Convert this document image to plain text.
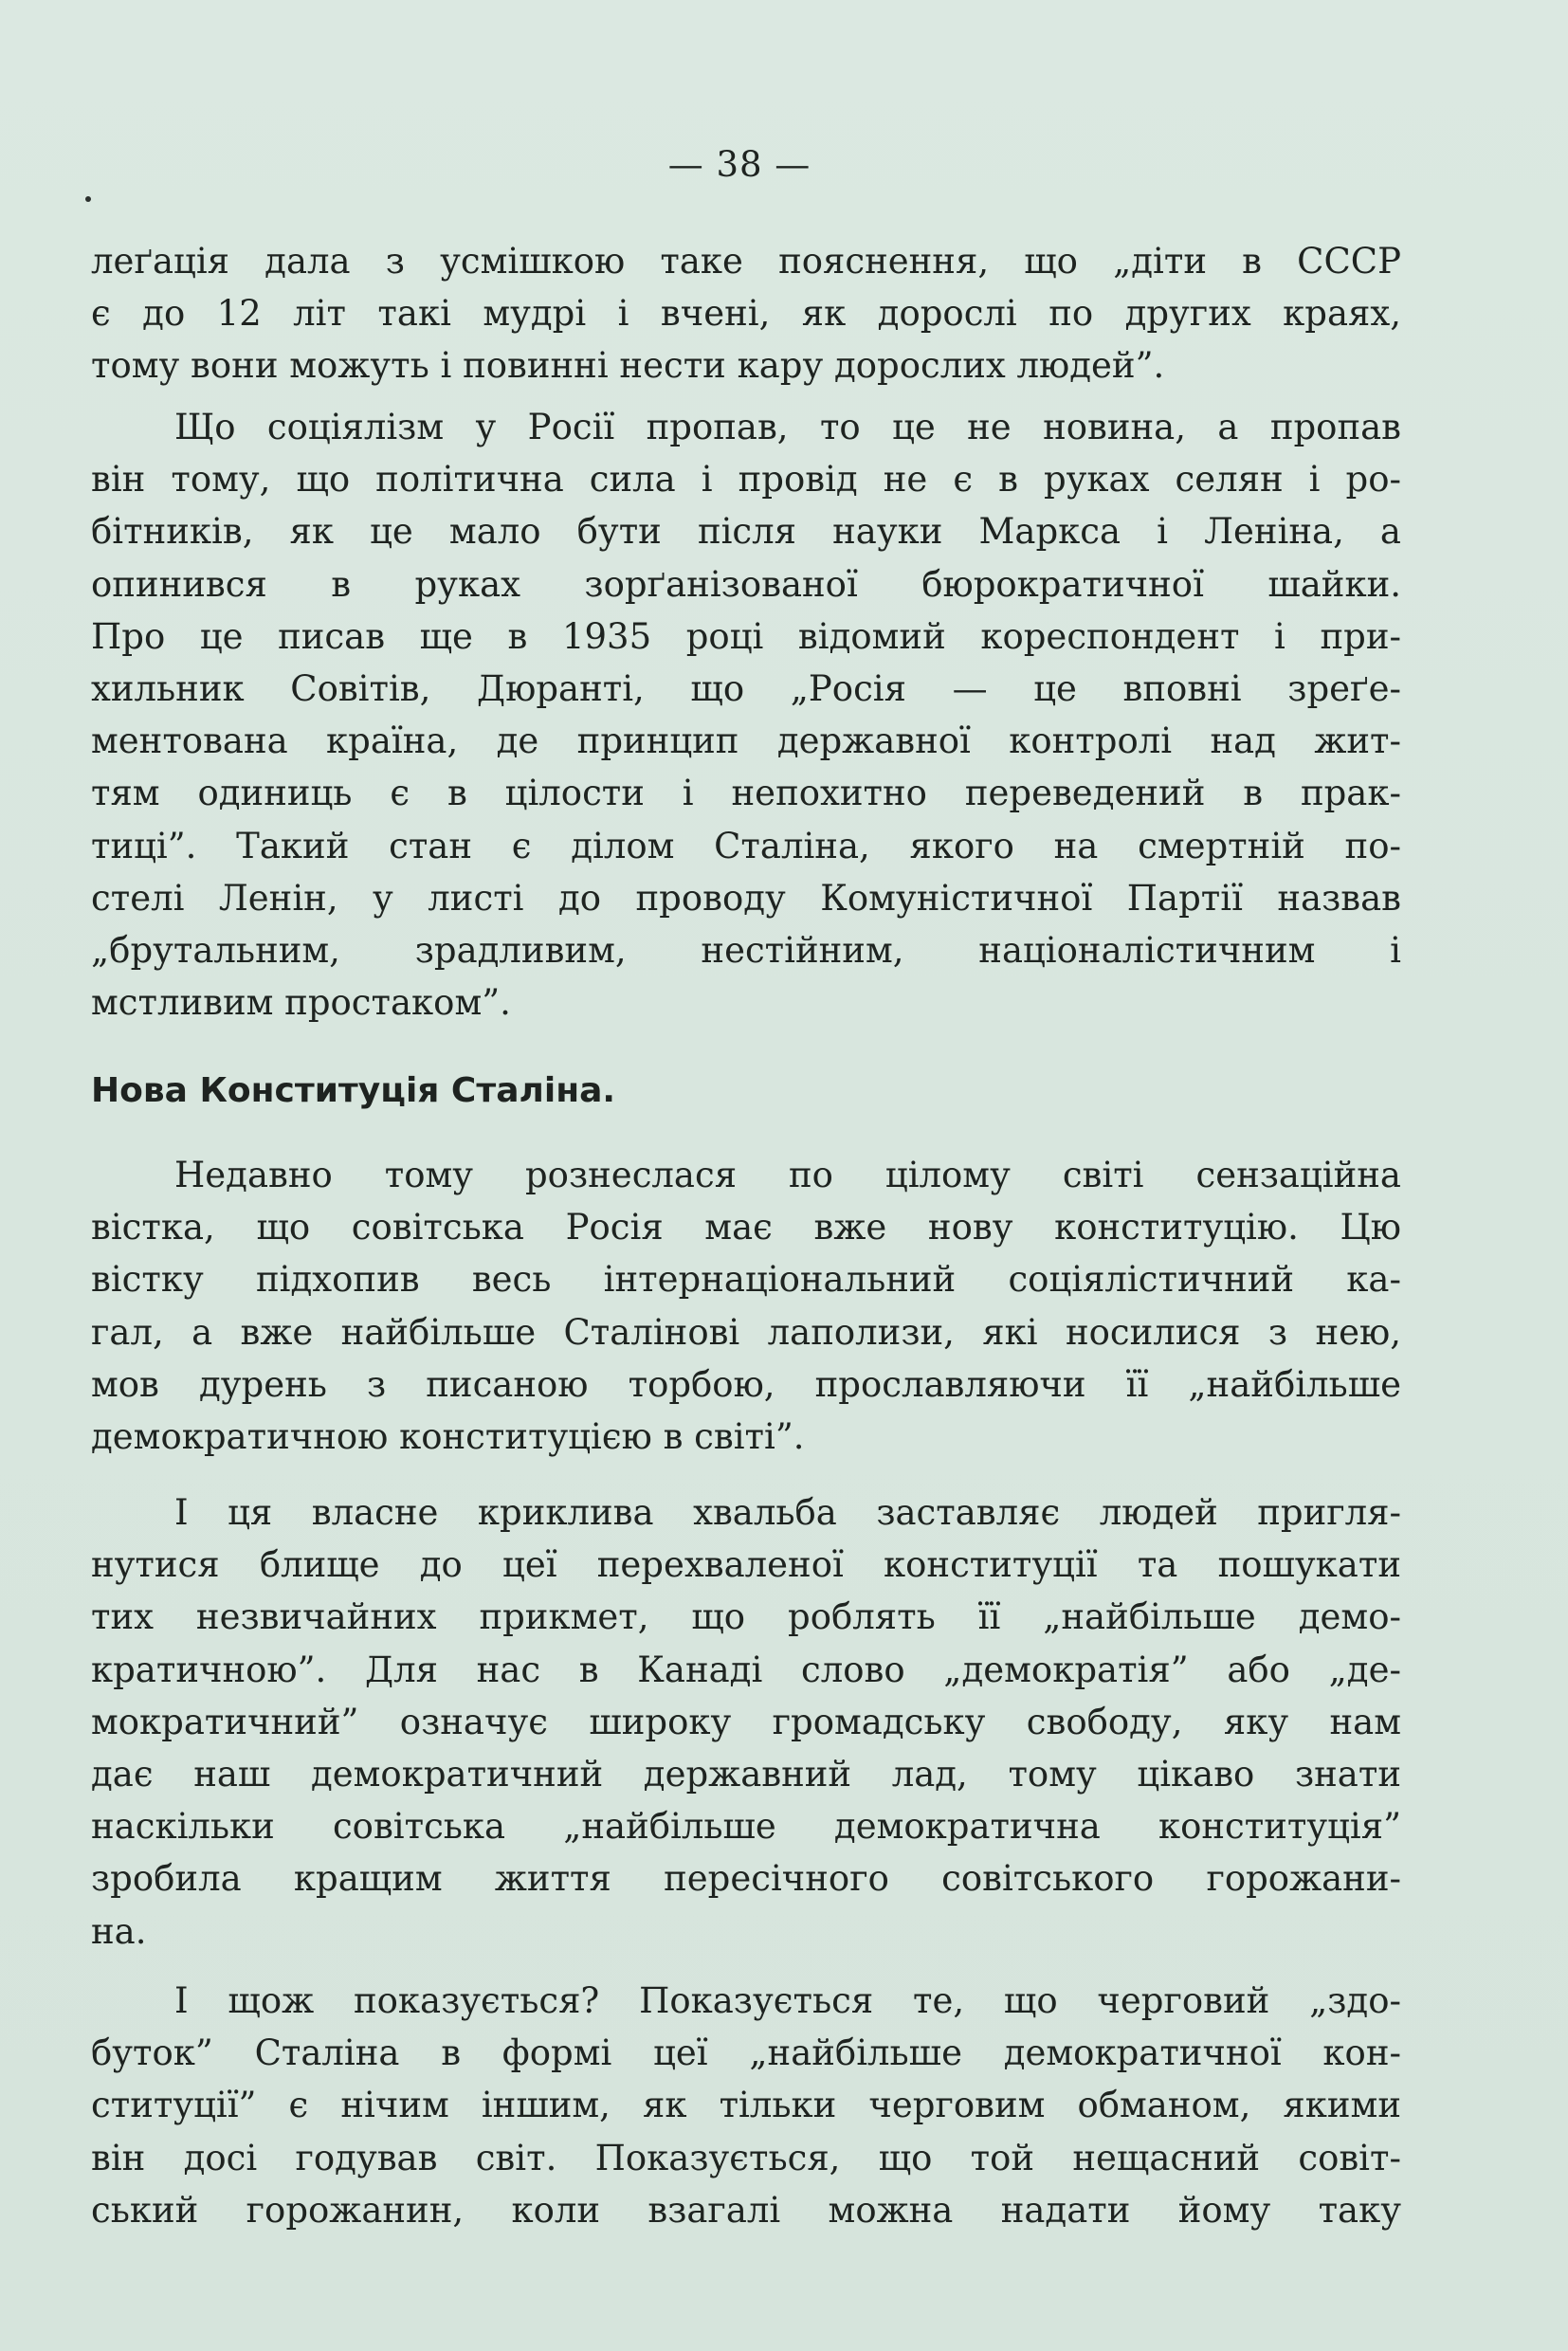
— 38 —

леґація дала з усмішкою таке пояснення, що „діти в СССР
є до 12 літ такі мудрі і вчені, як дорослі по других краях,
тому вони можуть і повинні нести кару дорослих людей”.

Що соціялізм у Росії пропав, то це не новина, а пропав
він тому, що політична сила і провід не є в руках селян і ро-
бітників, як це мало бути після науки Маркса і Леніна, а
опинився в руках зорґанізованої бюрократичної шайки.
Про це писав ще в 1935 році відомий кореспондент і при-
хильник Совітів, Дюранті, що „Росія — це вповні зреґе-
ментована країна, де принцип державної контролі над жит-
тям одиниць є в цілости і непохитно переведений в прак-
тиці”. Такий стан є ділом Сталіна, якого на смертній по-
стелі Ленін, у листі до проводу Комуністичної Партії назвав
„брутальним, зрадливим, нестійним, націоналістичним і
мстливим простаком”.

Нова Конституція Сталіна.

Недавно тому рознеслася по цілому світі сензаційна
вістка, що совітська Росія має вже нову конституцію. Цю
вістку підхопив весь інтернаціональний соціялістичний ка-
гал, а вже найбільше Сталінові лаполизи, які носилися з нею,
мов дурень з писаною торбою, прославляючи її „найбільше
демократичною конституцією в світі”.

І ця власне криклива хвальба заставляє людей пригля-
нутися блище до цеї перехваленої конституції та пошукати
тих незвичайних прикмет, що роблять її „найбільше демо-
кратичною”. Для нас в Канаді слово „демократія” або „де-
мократичний” означує широку громадську свободу, яку нам
дає наш демократичний державний лад, тому цікаво знати
наскільки совітська „найбільше демократична конституція”
зробила кращим життя пересічного совітського горожани-
на.

І щож показується? Показується те, що черговий „здо-
буток” Сталіна в формі цеї „найбільше демократичної кон-
ституції” є нічим іншим, як тільки черговим обманом, якими
він досі годував світ. Показується, що той нещасний совіт-
ський горожанин, коли взагалі можна надати йому таку
